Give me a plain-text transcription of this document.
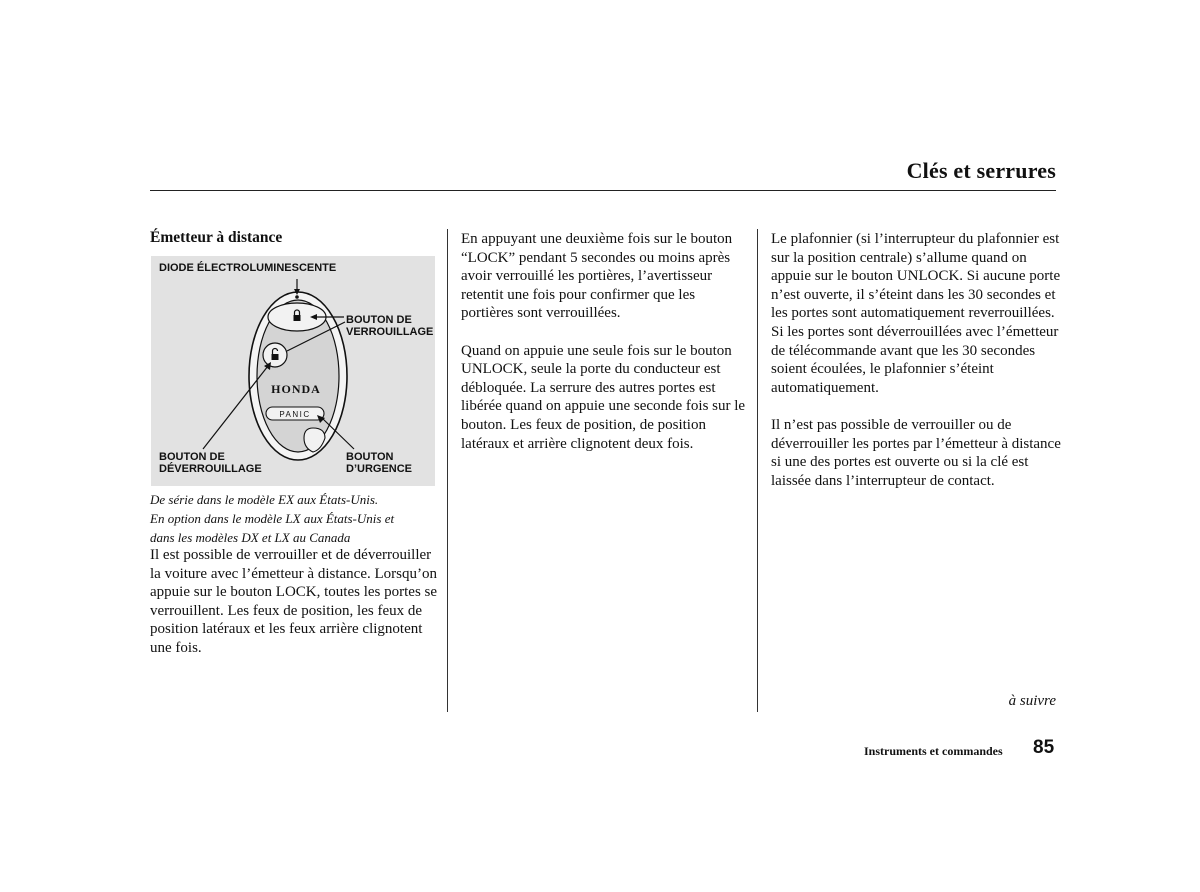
Clés et serrures
Émetteur à distance
DIODE ÉLECTROLUMINESCENTE
BOUTON DE
VERROUILLAGE
BOUTON DE
DÉVERROUILLAGE
BOUTON
D’URGENCE
HONDA
PANIC
De série dans le modèle EX aux États-Unis.
En option dans le modèle LX aux États-Unis et
dans les modèles DX et LX au Canada
Il est possible de verrouiller et de déverrouiller la voiture avec l’émetteur à distance. Lorsqu’on appuie sur le bouton LOCK, toutes les portes se verrouillent. Les feux de position, les feux de position latéraux et les feux arrière clignotent une fois.

En appuyant une deuxième fois sur le bouton “LOCK” pendant 5 secondes ou moins après avoir verrouillé les portières, l’avertisseur retentit une fois pour confirmer que les portières sont verrouillées.

Quand on appuie une seule fois sur le bouton UNLOCK, seule la porte du conducteur est débloquée. La serrure des autres portes est libérée quand on appuie une seconde fois sur le bouton. Les feux de position, de position latéraux et arrière clignotent deux fois.

Le plafonnier (si l’interrupteur du plafonnier est sur la position centrale) s’allume quand on appuie sur le bouton UNLOCK. Si aucune porte n’est ouverte, il s’éteint dans les 30 secondes et les portes sont automatiquement reverrouillées. Si les portes sont déverrouillées avec l’émetteur de télécommande avant que les 30 secondes soient écoulées, le plafonnier s’éteint automatiquement.

Il n’est pas possible de verrouiller ou de déverrouiller les portes par l’émetteur à distance si une des portes est ouverte ou si la clé est laissée dans l’interrupteur de contact.

à suivre
Instruments et commandes 85
